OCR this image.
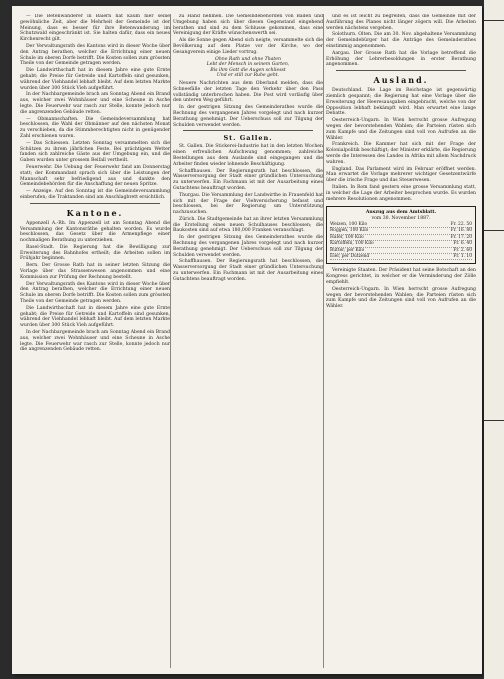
— Die Betenwanderer in Baiern hat kaum hier seine gewöhnliche Zeit, aber die Mehrheit der Gemeinde ist der Meinung, dass es besser für ihre Betenwanderung im Schutzwald eingeschränkt ist. Sie halten dafür, dass ein neues Kirchenrecht gilt.

Der Verwaltungsrath des Kantons wird in dieser Woche über den Antrag berathen, welcher die Errichtung einer neuen Schule im oberen Dorfe betrifft. Die Kosten sollen zum grössten Theile von der Gemeinde getragen werden.

Die Landwirthschaft hat in diesem Jahre eine gute Ernte gehabt; die Preise für Getreide und Kartoffeln sind gesunken, während der Viehhandel lebhaft bleibt. Auf dem letzten Markte wurden über 300 Stück Vieh aufgeführt.

In der Nachbargemeinde brach am Sonntag Abend ein Brand aus, welcher zwei Wohnhäuser und eine Scheune in Asche legte. Die Feuerwehr war rasch zur Stelle, konnte jedoch nur die angrenzenden Gebäude retten.

— Obmannschaften. Die Gemeindeversammlung hat beschlossen, die Wahl der Obmänner auf den nächsten Monat zu verschieben, da die Stimmberechtigten nicht in genügender Zahl erschienen waren.

— Das Schiessen. Letzten Sonntag versammelten sich die Schützen zu ihrem jährlichen Feste. Bei prächtigem Wetter fanden sich zahlreiche Gäste aus der Umgebung ein, und die Gaben wurden unter grossem Beifall vertheilt.

Feuerwehr. Die Uebung der Feuerwehr fand am Donnerstag statt; der Kommandant sprach sich über die Leistungen der Mannschaft sehr befriedigend aus und dankte den Gemeindebehörden für die Anschaffung der neuen Spritze.

— Anzeige. Auf den Sonntag ist die Gemeindeversammlung einberufen; die Traktanden sind am Anschlagbrett ersichtlich.

Kantone.

Appenzell A.-Rh. Im Appenzell ist am Sonntag Abend die Versammlung der Kantonsräthe gehalten worden. Es wurde beschlossen, das Gesetz über die Armenpflege einer nochmaligen Berathung zu unterziehen.

Basel-Stadt. Die Regierung hat die Bewilligung zur Erweiterung des Bahnhofes ertheilt; die Arbeiten sollen im Frühjahr beginnen.

Bern. Der Grosse Rath hat in seiner letzten Sitzung die Vorlage über das Strassenwesen angenommen und eine Kommission zur Prüfung der Rechnung bestellt.

Der Verwaltungsrath des Kantons wird in dieser Woche über den Antrag berathen, welcher die Errichtung einer neuen Schule im oberen Dorfe betrifft. Die Kosten sollen zum grössten Theile von der Gemeinde getragen werden.

Die Landwirthschaft hat in diesem Jahre eine gute Ernte gehabt; die Preise für Getreide und Kartoffeln sind gesunken, während der Viehhandel lebhaft bleibt. Auf dem letzten Markte wurden über 300 Stück Vieh aufgeführt.

In der Nachbargemeinde brach am Sonntag Abend ein Brand aus, welcher zwei Wohnhäuser und eine Scheune in Asche legte. Die Feuerwehr war rasch zur Stelle, konnte jedoch nur die angrenzenden Gebäude retten.

zu Hand nehmen. Die Gemeindebehörden von Baden und Umgebung haben sich über diesen Gegenstand eingehend berathen und sind zu dem Schlusse gekommen, dass eine Vereinigung der Kräfte wünschenswerth sei.

Als die Sonne gegen Abend sich neigte, versammelte sich die Bevölkerung auf dem Platze vor der Kirche, wo der Gesangverein einige Lieder vortrug.

Ohne Rath und ohne Thaten
Lebt der Mensch in seinem Garten,
Bis ihm Gott die Augen schliesst
Und er still zur Ruhe geht.

Neuere Nachrichten aus dem Oberland melden, dass die Schneefälle der letzten Tage den Verkehr über den Pass vollständig unterbrochen haben. Die Post wird vorläufig über den unteren Weg geführt.

In der gestrigen Sitzung des Gemeinderathes wurde die Rechnung des vergangenen Jahres vorgelegt und nach kurzer Berathung genehmigt. Der Ueberschuss soll zur Tilgung der Schulden verwendet werden.

St. Gallen.

St. Gallen. Die Stickerei-Industrie hat in den letzten Wochen einen erfreulichen Aufschwung genommen; zahlreiche Bestellungen aus dem Auslande sind eingegangen und die Arbeiter finden wieder lohnende Beschäftigung.

Schaffhausen. Der Regierungsrath hat beschlossen, die Wasserversorgung der Stadt einer gründlichen Untersuchung zu unterwerfen. Ein Fachmann ist mit der Ausarbeitung eines Gutachtens beauftragt worden.

Thurgau. Die Versammlung der Landwirthe in Frauenfeld hat sich mit der Frage der Viehversicherung befasst und beschlossen, bei der Regierung um Unterstützung nachzusuchen.

Zürich. Die Stadtgemeinde hat an ihrer letzten Versammlung die Erstellung eines neuen Schulhauses beschlossen; die Baukosten sind auf etwa 180,000 Franken veranschlagt.

In der gestrigen Sitzung des Gemeinderathes wurde die Rechnung des vergangenen Jahres vorgelegt und nach kurzer Berathung genehmigt. Der Ueberschuss soll zur Tilgung der Schulden verwendet werden.

Schaffhausen. Der Regierungsrath hat beschlossen, die Wasserversorgung der Stadt einer gründlichen Untersuchung zu unterwerfen. Ein Fachmann ist mit der Ausarbeitung eines Gutachtens beauftragt worden.

und es ist leicht zu begreifen, dass die Gemeinde mit der Ausführung des Planes nicht länger zögern will. Die Arbeiten werden nächstens vergeben.

Solothurn. Olten. Die am 30. Nov. abgehaltene Versammlung der Gemeindebürger hat die Anträge des Gemeinderathes einstimmig angenommen.

Aargau. Der Grosse Rath hat die Vorlage betreffend die Erhöhung der Lehrerbesoldungen in erster Berathung angenommen.

Ausland.

Deutschland. Die Lage im Reichstage ist gegenwärtig ziemlich gespannt; die Regierung hat eine Vorlage über die Erweiterung der Heeresausgaben eingebracht, welche von der Opposition lebhaft bekämpft wird. Man erwartet eine lange Debatte.

Oesterreich-Ungarn. In Wien herrscht grosse Aufregung wegen der bevorstehenden Wahlen; die Parteien rüsten sich zum Kampfe und die Zeitungen sind voll von Aufrufen an die Wähler.

Frankreich. Die Kammer hat sich mit der Frage der Kolonialpolitik beschäftigt; der Minister erklärte, die Regierung werde die Interessen des Landes in Afrika mit allem Nachdruck wahren.

England. Das Parlament wird im Februar eröffnet werden. Man erwartet die Vorlage mehrerer wichtiger Gesetzentwürfe über die irische Frage und das Steuerwesen.

Italien. In Rom fand gestern eine grosse Versammlung statt, in welcher die Lage der Arbeiter besprochen wurde. Es wurden mehrere Resolutionen angenommen.

Auszug aus dem Amtsblatt.
vom 30. November 1887.
Weizen, 100 Kilo	Fr. 22. 50
Roggen, 100 Kilo	Fr. 16. 80
Hafer, 100 Kilo	Fr. 17. 20
Kartoffeln, 100 Kilo	Fr. 6. 40
Butter, per Kilo	Fr. 2. 60
Eier, per Dutzend	Fr. 1. 10

Vereinigte Staaten. Der Präsident hat seine Botschaft an den Kongress gerichtet, in welcher er die Verminderung der Zölle empfiehlt.

Oesterreich-Ungarn. In Wien herrscht grosse Aufregung wegen der bevorstehenden Wahlen; die Parteien rüsten sich zum Kampfe und die Zeitungen sind voll von Aufrufen an die Wähler.
